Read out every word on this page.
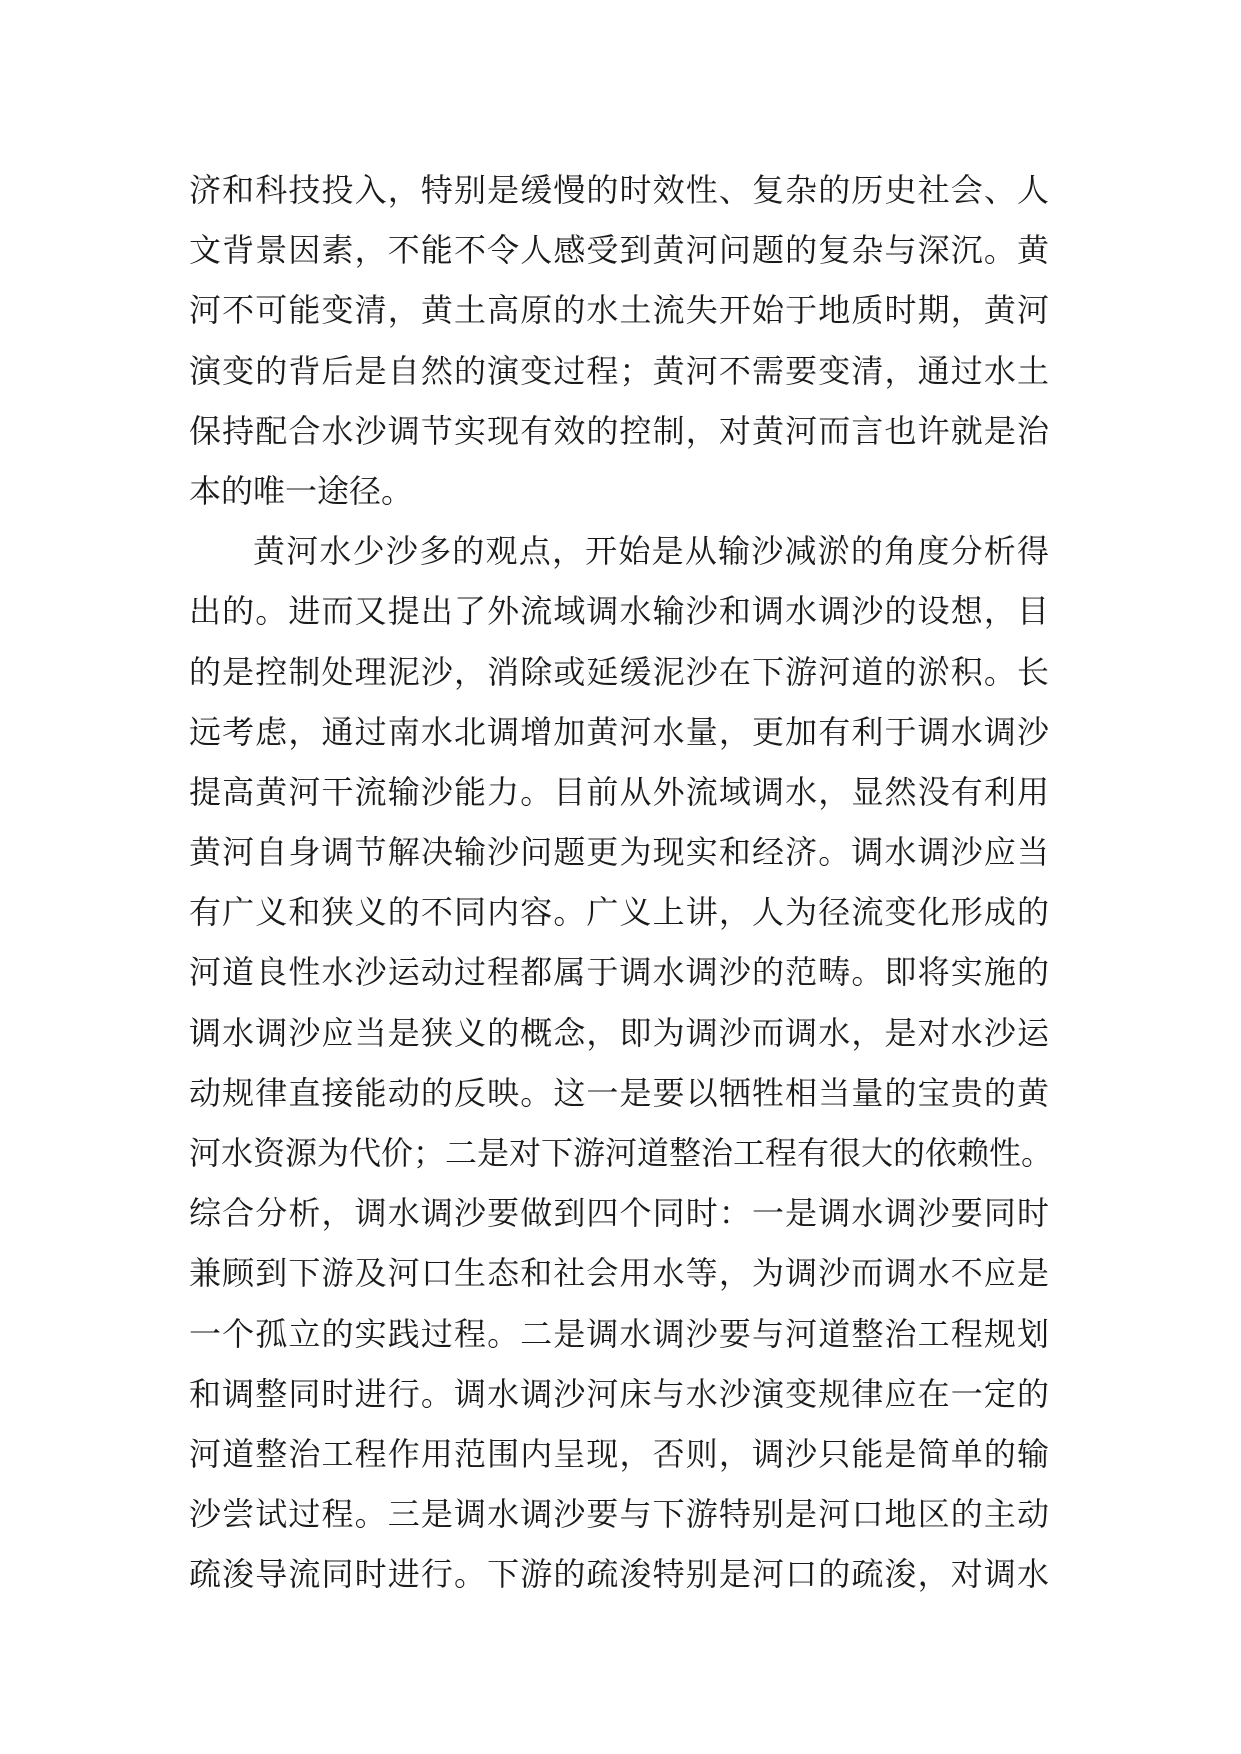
济和科技投入，特别是缓慢的时效性、复杂的历史社会、人
文背景因素，不能不令人感受到黄河问题的复杂与深沉。黄
河不可能变清，黄土高原的水土流失开始于地质时期，黄河
演变的背后是自然的演变过程；黄河不需要变清，通过水土
保持配合水沙调节实现有效的控制，对黄河而言也许就是治
本的唯一途径。
黄河水少沙多的观点，开始是从输沙减淤的角度分析得
出的。进而又提出了外流域调水输沙和调水调沙的设想，目
的是控制处理泥沙，消除或延缓泥沙在下游河道的淤积。长
远考虑，通过南水北调增加黄河水量，更加有利于调水调沙
提高黄河干流输沙能力。目前从外流域调水，显然没有利用
黄河自身调节解决输沙问题更为现实和经济。调水调沙应当
有广义和狭义的不同内容。广义上讲，人为径流变化形成的
河道良性水沙运动过程都属于调水调沙的范畴。即将实施的
调水调沙应当是狭义的概念，即为调沙而调水，是对水沙运
动规律直接能动的反映。这一是要以牺牲相当量的宝贵的黄
河水资源为代价；二是对下游河道整治工程有很大的依赖性。
综合分析，调水调沙要做到四个同时：一是调水调沙要同时
兼顾到下游及河口生态和社会用水等，为调沙而调水不应是
一个孤立的实践过程。二是调水调沙要与河道整治工程规划
和调整同时进行。调水调沙河床与水沙演变规律应在一定的
河道整治工程作用范围内呈现，否则，调沙只能是简单的输
沙尝试过程。三是调水调沙要与下游特别是河口地区的主动
疏浚导流同时进行。下游的疏浚特别是河口的疏浚，对调水
